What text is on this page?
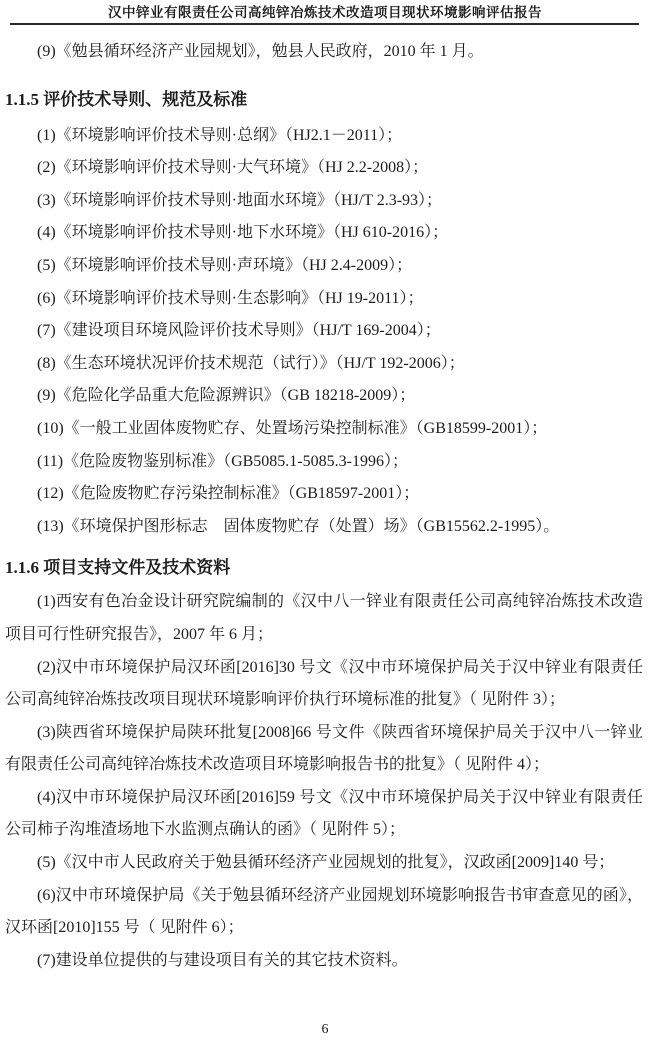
汉中锌业有限责任公司高纯锌冶炼技术改造项目现状环境影响评估报告

(9)《勉县循环经济产业园规划》，勉县人民政府，2010 年 1 月。

1.1.5 评价技术导则、规范及标准

(1)《环境影响评价技术导则·总纲》（HJ2.1－2011）；

(2)《环境影响评价技术导则·大气环境》（HJ 2.2-2008）；

(3)《环境影响评价技术导则·地面水环境》（HJ/T 2.3-93）；

(4)《环境影响评价技术导则·地下水环境》（HJ 610-2016）；

(5)《环境影响评价技术导则·声环境》（HJ 2.4-2009）；

(6)《环境影响评价技术导则·生态影响》（HJ 19-2011）；

(7)《建设项目环境风险评价技术导则》（HJ/T 169-2004）；

(8)《生态环境状况评价技术规范（试行）》（HJ/T 192-2006）；

(9)《危险化学品重大危险源辨识》（GB 18218-2009）；

(10)《一般工业固体废物贮存、处置场污染控制标准》（GB18599-2001）；

(11)《危险废物鉴别标准》（GB5085.1-5085.3-1996）；

(12)《危险废物贮存污染控制标准》（GB18597-2001）；

(13)《环境保护图形标志　固体废物贮存（处置）场》（GB15562.2-1995）。

1.1.6 项目支持文件及技术资料

(1)西安有色冶金设计研究院编制的《汉中八一锌业有限责任公司高纯锌冶炼技术改造项目可行性研究报告》，2007 年 6 月；

(2)汉中市环境保护局汉环函[2016]30 号文《汉中市环境保护局关于汉中锌业有限责任公司高纯锌冶炼技改项目现状环境影响评价执行环境标准的批复》（ 见附件 3）；

(3)陕西省环境保护局陕环批复[2008]66 号文件《陕西省环境保护局关于汉中八一锌业有限责任公司高纯锌冶炼技术改造项目环境影响报告书的批复》（ 见附件 4）；

(4)汉中市环境保护局汉环函[2016]59 号文《汉中市环境保护局关于汉中锌业有限责任公司柿子沟堆渣场地下水监测点确认的函》（ 见附件 5）；

(5)《汉中市人民政府关于勉县循环经济产业园规划的批复》，汉政函[2009]140 号；

(6)汉中市环境保护局《关于勉县循环经济产业园规划环境影响报告书审查意见的函》，汉环函[2010]155 号（ 见附件 6）；

(7)建设单位提供的与建设项目有关的其它技术资料。

6
